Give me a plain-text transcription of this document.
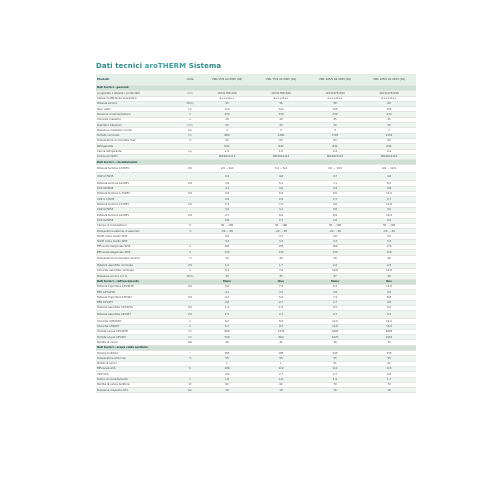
Dati tecnici aroTHERM Sistema
Modelli	Unità	VWL 55/5 AS 230V (S2)	VWL 75/5 AS 230V (S2)	VWL 105/5 AS 230V (S2)	VWL 125/5 AS 230V (S2)
Dati tecnici - generali					
Lunghezza x altezza x profondità	mm	1103x765x450	1103x765x450	1103x975x450	1103x975x450
Classe di efficienza energetica		A+++/A++	A+++/A++	A+++/A++	A+++/A++
Potenza sonora	dB(A)	55	56	58	60
Peso netto	kg	114	114	125	125
Tensione di alimentazione	V	230	230	230	230
Corrente massima	A	20	20	25	25
Diametro tubazioni	mm	25	25	32	32
Pressione massima circuito	bar	3	3	3	3
Portata nominale	l/h	860	1290	1720	2150
Temperatura di mandata max	°C	63	63	63	63
Refrigerante		R32	R32	R32	R32
Carica refrigerante	kg	1,5	1,5	2,4	2,4
Codice prodotto		0010021113	0010021114	0010021115	0010021116
Dati tecnici - riscaldamento					
Potenza termica A7/W35	kW	2,6 ... 6,6	3,4 ... 8,2	4,0 ... 10,5	4,6 ... 12,6
COP A7/W35		4,9	4,8	4,7	4,6
Potenza termica A2/W35	kW	3,6	5,1	7,1	8,3
COP A2/W35		4,1	4,0	3,9	3,8
Potenza termica A-7/W35	kW	4,9	6,9	9,5	11,2
COP A-7/W35		2,9	2,8	2,7	2,7
Potenza termica A7/W55	kW	5,3	7,0	9,6	11,8
COP A7/W55		3,2	3,1	3,0	3,0
Potenza termica A2/W55	kW	4,7	6,6	8,9	10,4
COP A2/W55		2,8	2,7	2,6	2,6
Campo di modulazione	%	30 ... 100	30 ... 100	30 ... 100	30 ... 100
Temperatura esterna di esercizio	°C	-20 ... 28	-20 ... 28	-20 ... 28	-20 ... 28
SCOP clima medio W35		4,6	4,7	4,6	4,5
SCOP clima medio W55		3,4	3,4	3,3	3,3
Efficienza stagionale W35	%	181	185	182	176
Efficienza stagionale W55	%	133	134	130	129
Temperatura di mandata minima	°C	20	20	20	20
Potenza assorbita nominale	kW	1,2	1,7	2,4	2,9
Corrente assorbita nominale	A	5,4	7,6	10,6	12,8
Pressione sonora a 5 m	dB(A)	34	35	37	39
Dati tecnici - raffrescamento		Mono	Duo	Mono	Duo
Potenza frigorifera A35/W18	kW	5,6	7,4	9,4	11,6
EER A35/W18		4,1	3,9	3,8	3,6
Potenza frigorifera A35/W7	kW	4,2	5,6	7,4	8,8
EER A35/W7		2,8	2,7	2,7	2,6
Potenza assorbita A35/W18	kW	1,4	1,9	2,5	3,2
Potenza assorbita A35/W7	kW	1,5	2,1	2,7	3,4
Corrente A35/W18	A	6,2	8,4	11,0	14,2
Corrente A35/W7	A	6,7	9,3	12,0	15,0
Portata acqua A35/W18	l/h	960	1270	1620	2000
Portata acqua A35/W7	l/h	720	960	1270	1510
Perdita di carico	kPa	26	31	30	33
Dati tecnici - acqua calda sanitaria					
Volume bollitore	l	185	185	235	235
Temperatura ACS max	°C	55	55	55	55
Profilo di carico		L	L	XL	XL
Efficienza ACS	%	108	110	112	115
COP ACS		2,6	2,7	2,7	2,8
Tempo di riscaldamento	h	1,8	1,6	1,9	1,7
Perdita di calore bollitore	W	62	62	70	70
Pressione massima ACS	bar	10	10	10	10
